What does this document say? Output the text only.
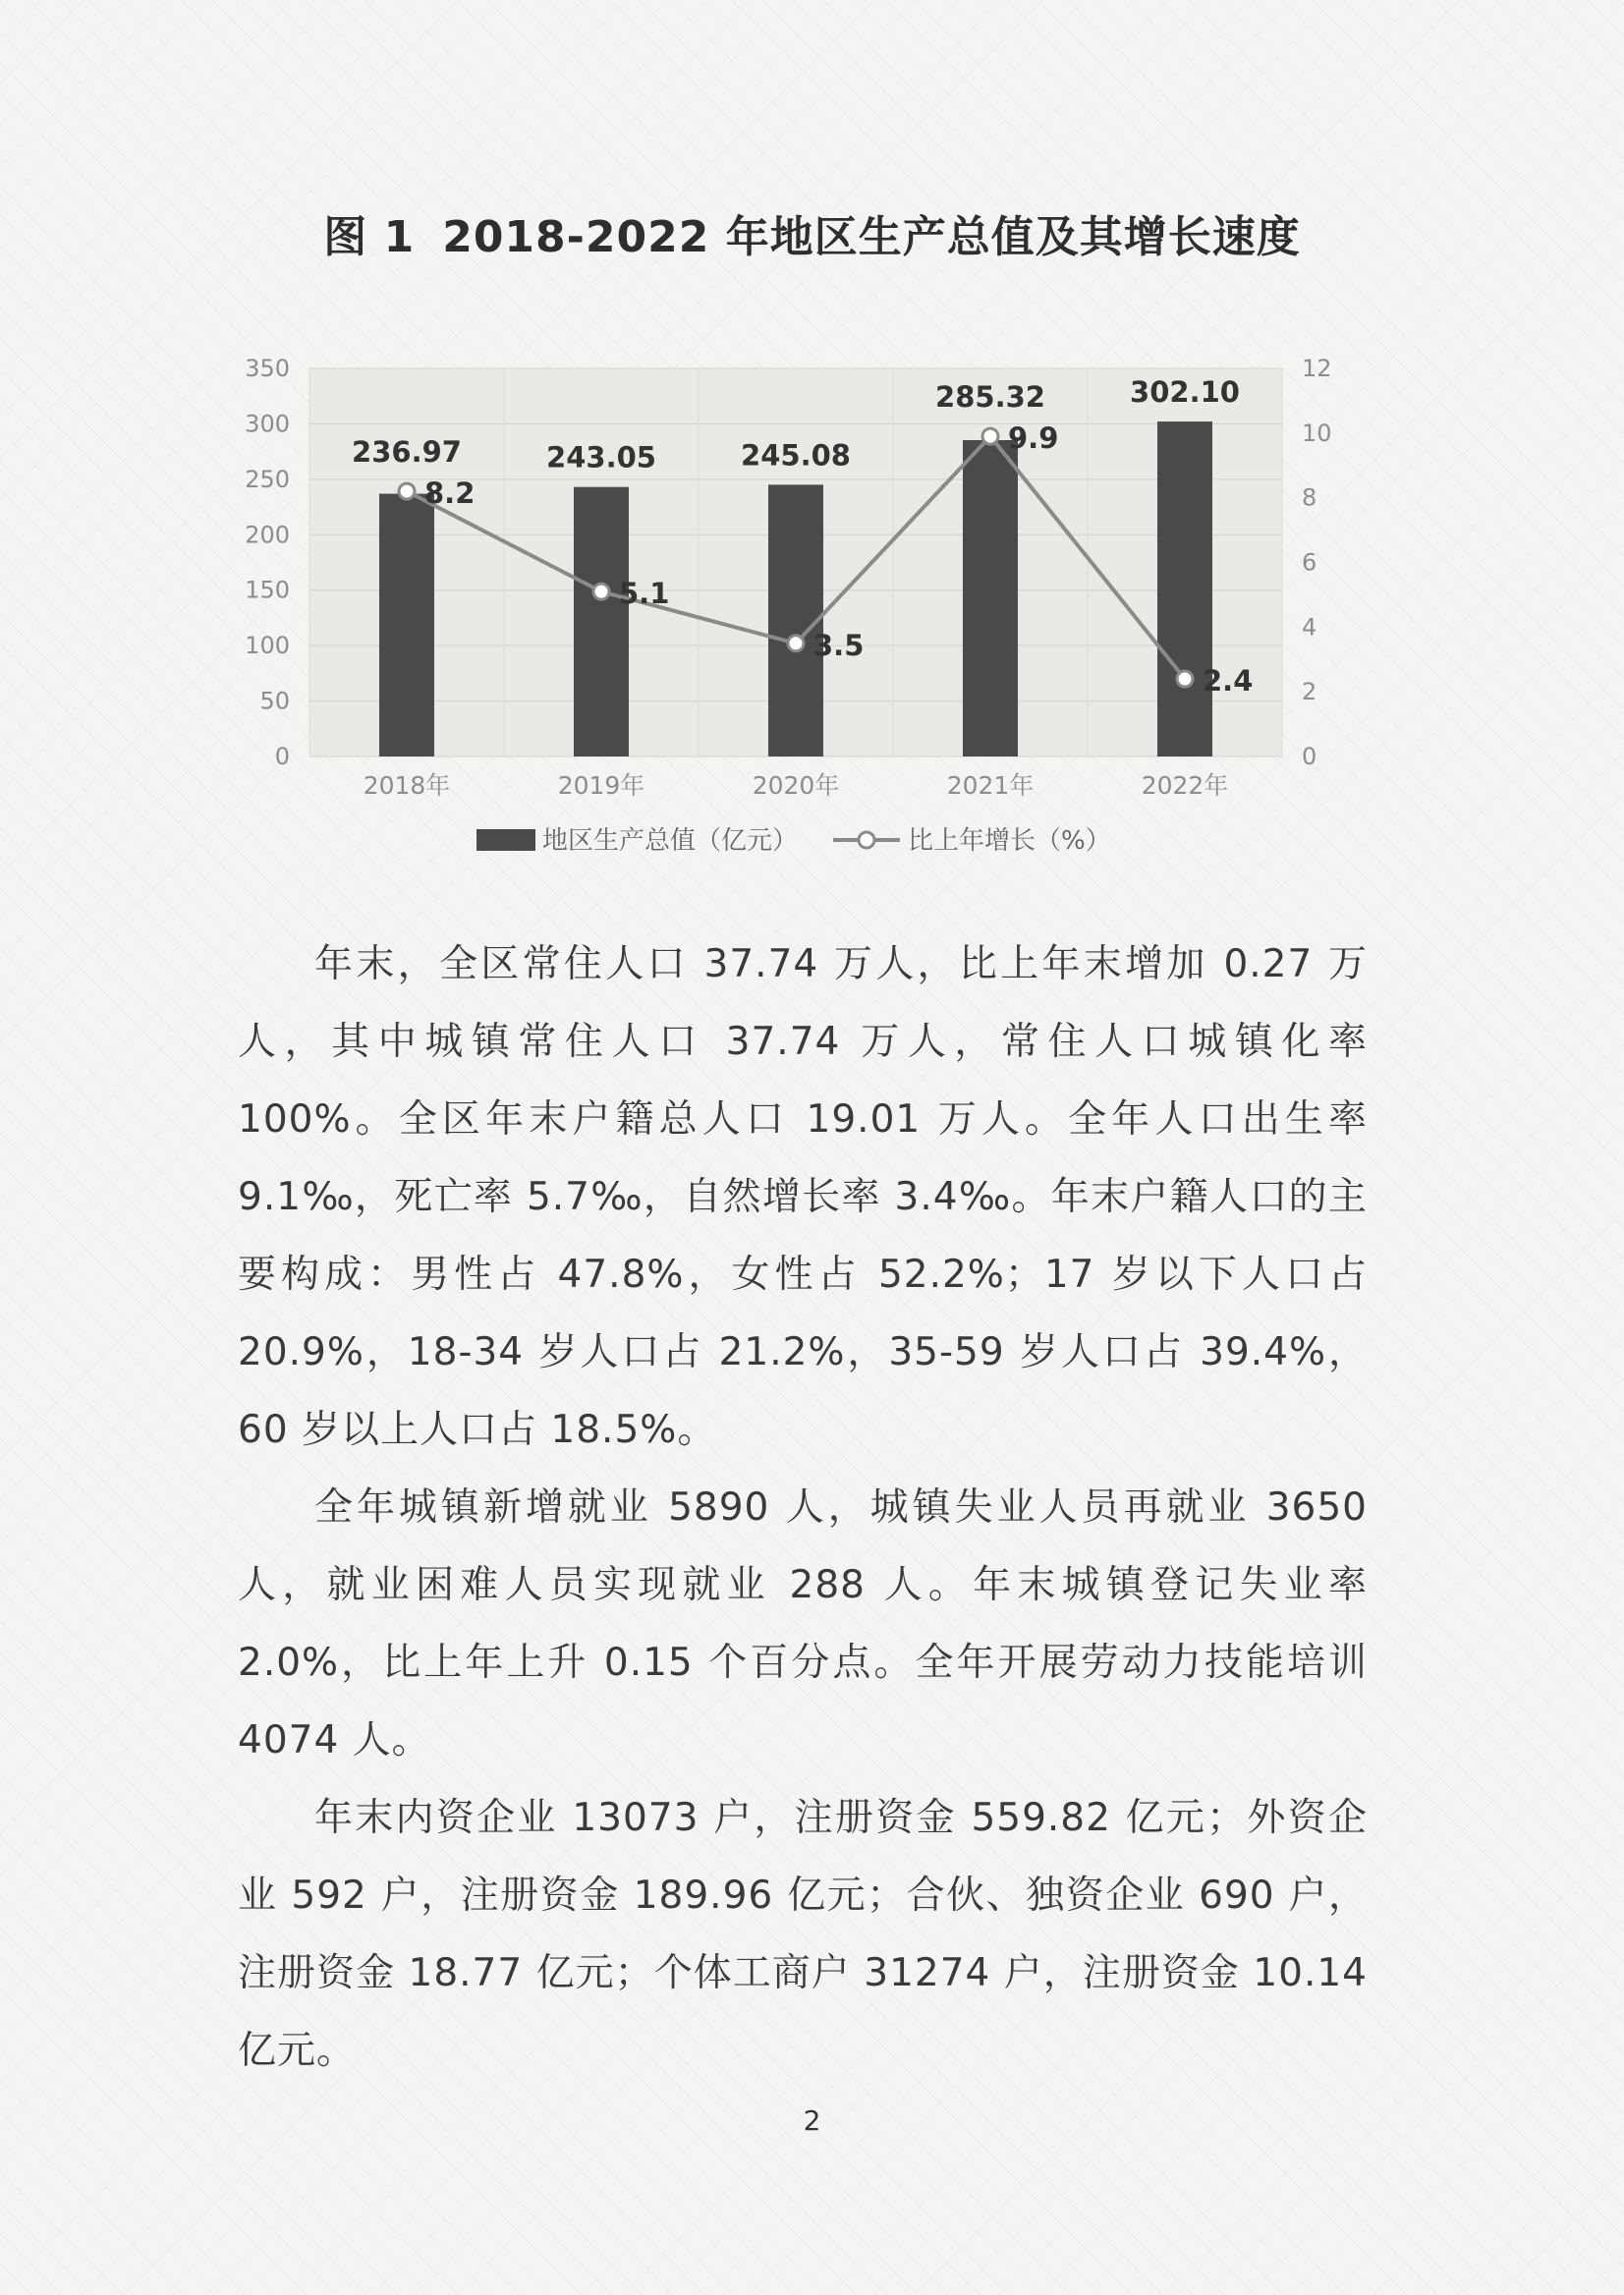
图 1 2018-2022 年地区生产总值及其增长速度
0
50
100
150
200
250
300
350
0
2
4
6
8
10
12
2018年	2019年	2020年	2021年	2022年
236.97	243.05	245.08
285.32	302.10
8.2
5.1
3.5
9.9
2.4
地区生产总值（亿元）	比上年增长（%）

年末，全区常住人口 37.74 万人，比上年末增加 0.27 万人，其中城镇常住人口 37.74 万人，常住人口城镇化率 100%。全区年末户籍总人口 19.01 万人。全年人口出生率 9.1‰，死亡率 5.7‰，自然增长率 3.4‰。年末户籍人口的主要构成：男性占 47.8%，女性占 52.2%；17 岁以下人口占 20.9%，18-34 岁人口占 21.2%，35-59 岁人口占 39.4%，60 岁以上人口占 18.5%。

全年城镇新增就业 5890 人，城镇失业人员再就业 3650 人，就业困难人员实现就业 288 人。年末城镇登记失业率 2.0%，比上年上升 0.15 个百分点。全年开展劳动力技能培训 4074 人。

年末内资企业 13073 户，注册资金 559.82 亿元；外资企业 592 户，注册资金 189.96 亿元；合伙、独资企业 690 户，注册资金 18.77 亿元；个体工商户 31274 户，注册资金 10.14 亿元。

2
